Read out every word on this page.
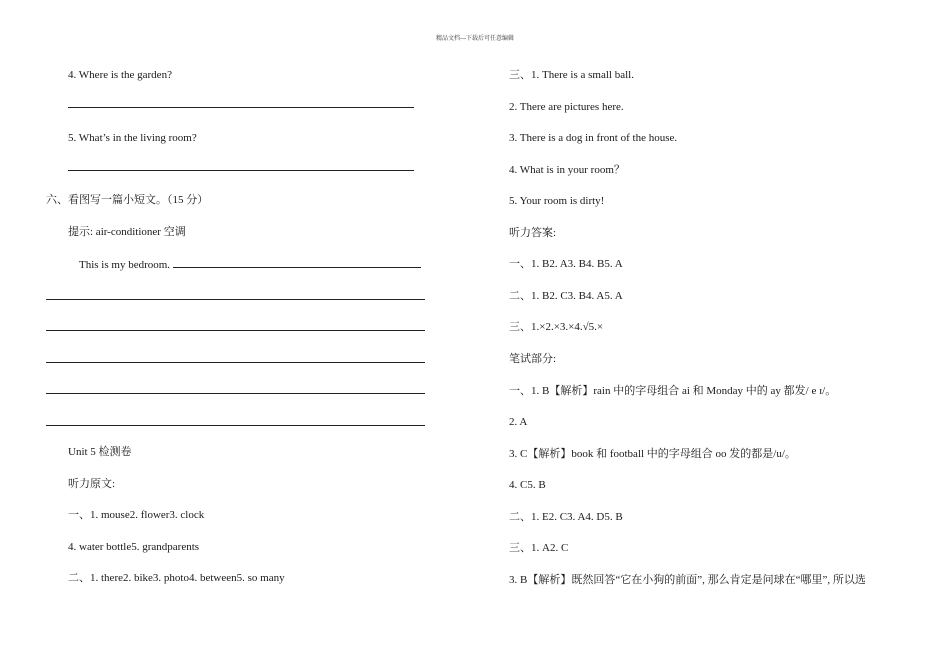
精品文档---下载后可任意编辑
4. Where is the garden?
5. What’s in the living room?
六、看图写一篇小短文。（15 分）
提示: air-conditioner 空调
This is my bedroom.
Unit 5 检测卷
听力原文:
一、1. mouse2. flower3. clock
4. water bottle5. grandparents
二、1. there2. bike3. photo4. between5. so many
三、1. There is a small ball.
2. There are pictures here.
3. There is a dog in front of the house.
4. What is in your room？
5. Your room is dirty!
听力答案:
一、1. B2. A3. B4. B5. A
二、1. B2. C3. B4. A5. A
三、1.×2.×3.×4.√5.×
笔试部分:
一、1. B【解析】rain 中的字母组合 ai 和 Monday 中的 ay 都发/ e ɪ/。
2. A
3. C【解析】book 和 football 中的字母组合 oo 发的都是/u/。
4. C5. B
二、1. E2. C3. A4. D5. B
三、1. A2. C
3. B【解析】既然回答“它在小狗的前面”, 那么肯定是问球在“哪里”, 所以选
